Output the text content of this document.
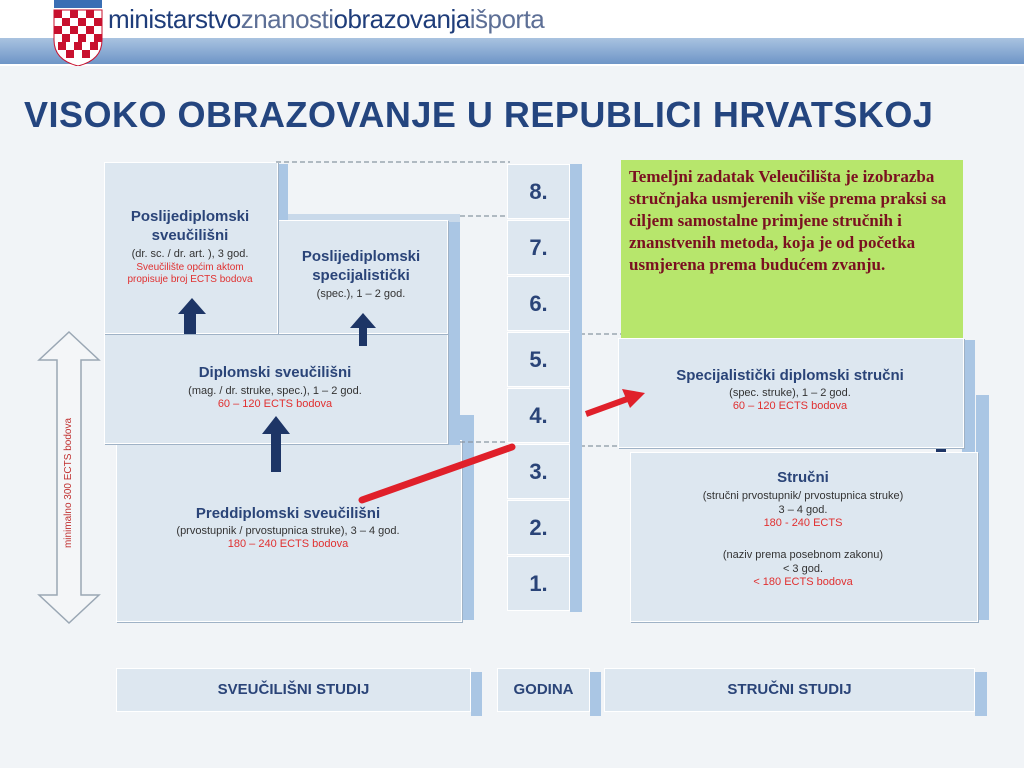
ministarstvoznanostiobrazovanjaišporta
VISOKO OBRAZOVANJE U REPUBLICI HRVATSKOJ
minimalno 300 ECTS bodova	Preddiplomski sveučilišni
(prvostupnik / prvostupnica struke), 3 – 4 god.
180 – 240 ECTS bodova
Diplomski sveučilišni
(mag. / dr. struke, spec.), 1 – 2 god.
60 – 120 ECTS bodova
Poslijediplomski
specijalistički
(spec.), 1 – 2 god.
Poslijediplomski
sveučilišni
(dr. sc. / dr. art. ), 3 god.
Sveučilište općim aktom
propisuje broj ECTS bodova
8.
7.
6.
5.
4.
3.
2.
1.
Stručni
(stručni prvostupnik/ prvostupnica struke)
3 – 4 god.
180 - 240 ECTS
(naziv prema posebnom zakonu)
< 3 god.
< 180 ECTS bodova
Specijalistički diplomski stručni
(spec. struke), 1 – 2 god.
60 – 120 ECTS bodova
Temeljni zadatak Veleučilišta je izobrazba stručnjaka usmjerenih više prema praksi sa ciljem samostalne primjene stručnih i znanstvenih metoda, koja je od početka usmjerena prema budućem zvanju.
SVEUČILIŠNI STUDIJ	GODINA	STRUČNI STUDIJ
